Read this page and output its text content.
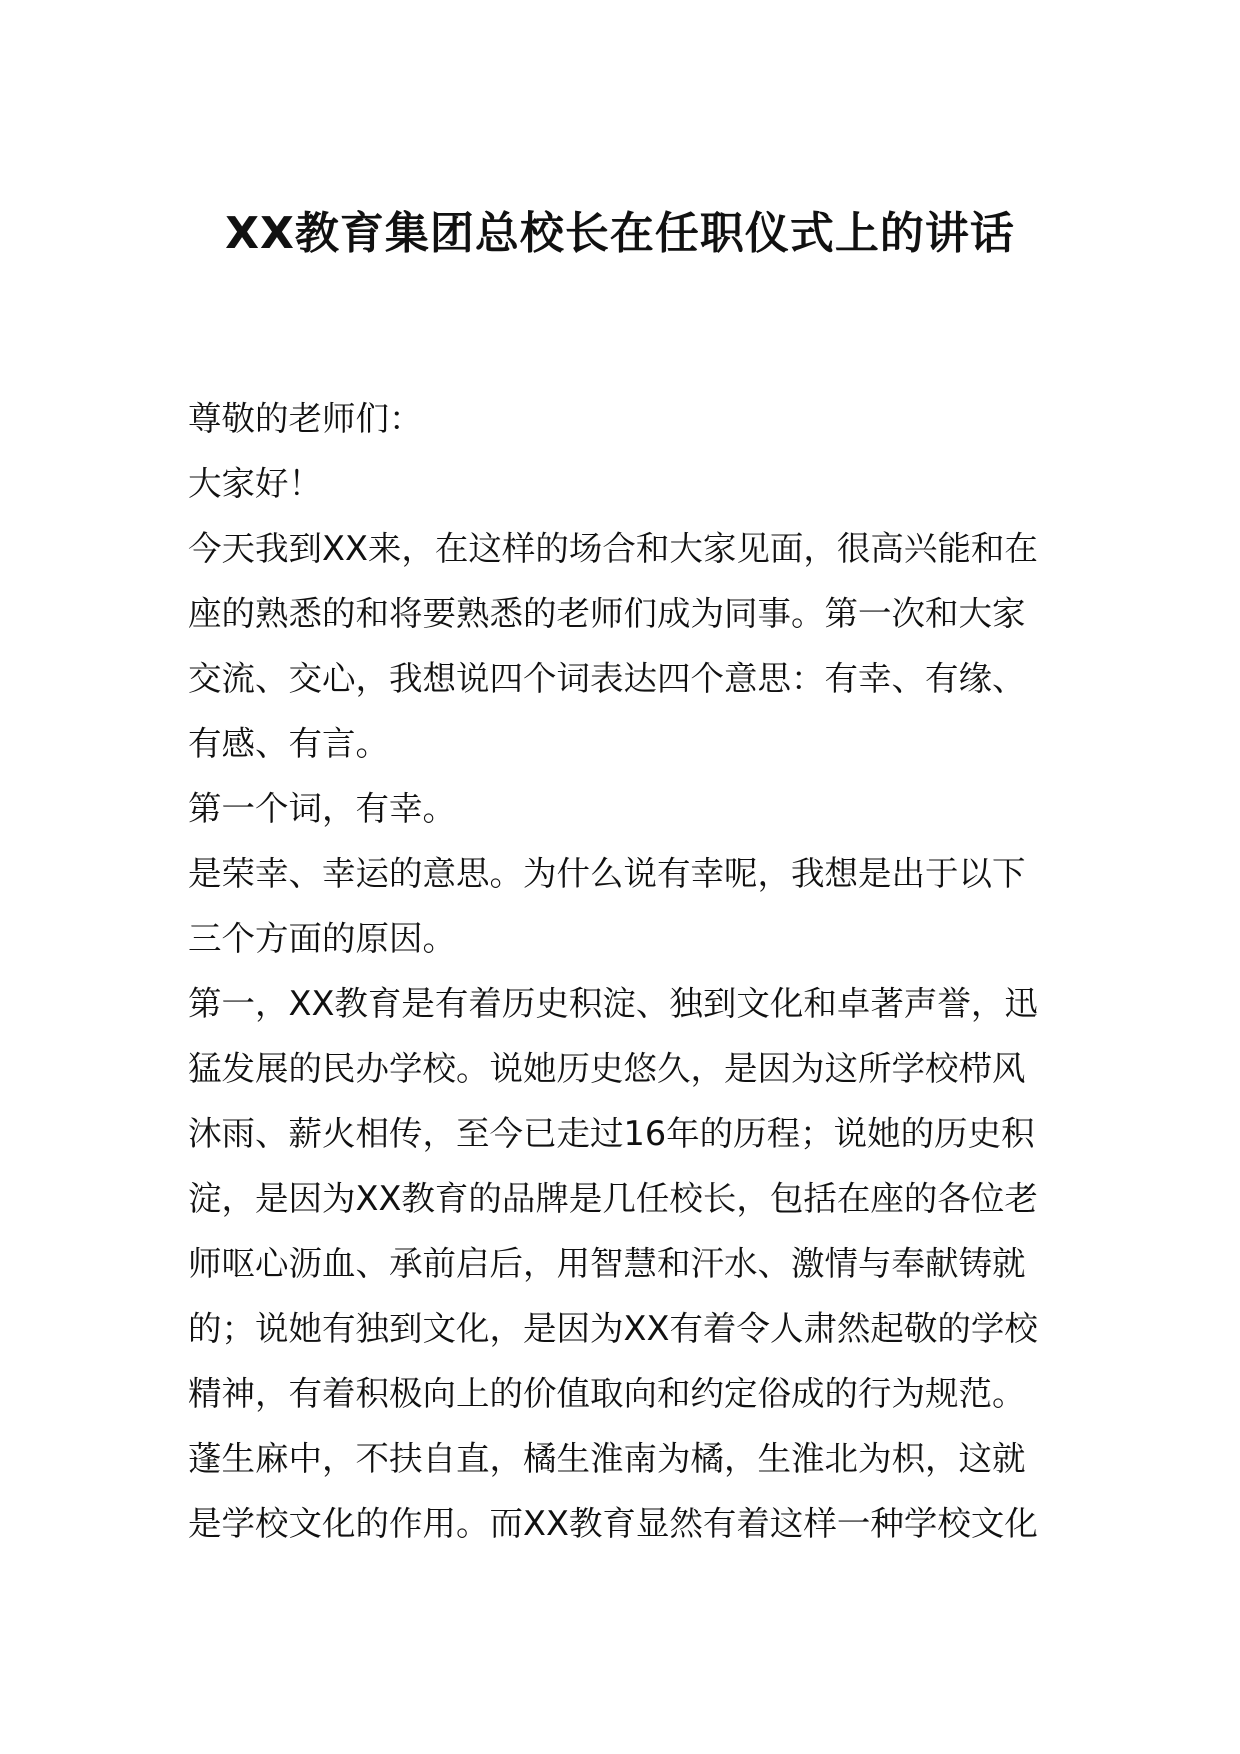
XX教育集团总校长在任职仪式上的讲话

尊敬的老师们：

大家好！

今天我到XX来，在这样的场合和大家见面，很高兴能和在

座的熟悉的和将要熟悉的老师们成为同事。第一次和大家

交流、交心，我想说四个词表达四个意思：有幸、有缘、

有感、有言。

第一个词，有幸。

是荣幸、幸运的意思。为什么说有幸呢，我想是出于以下

三个方面的原因。

第一，XX教育是有着历史积淀、独到文化和卓著声誉，迅

猛发展的民办学校。说她历史悠久，是因为这所学校栉风

沐雨、薪火相传，至今已走过16年的历程；说她的历史积

淀，是因为XX教育的品牌是几任校长，包括在座的各位老

师呕心沥血、承前启后，用智慧和汗水、激情与奉献铸就

的；说她有独到文化，是因为XX有着令人肃然起敬的学校

精神，有着积极向上的价值取向和约定俗成的行为规范。

蓬生麻中，不扶自直，橘生淮南为橘，生淮北为枳，这就

是学校文化的作用。而XX教育显然有着这样一种学校文化
